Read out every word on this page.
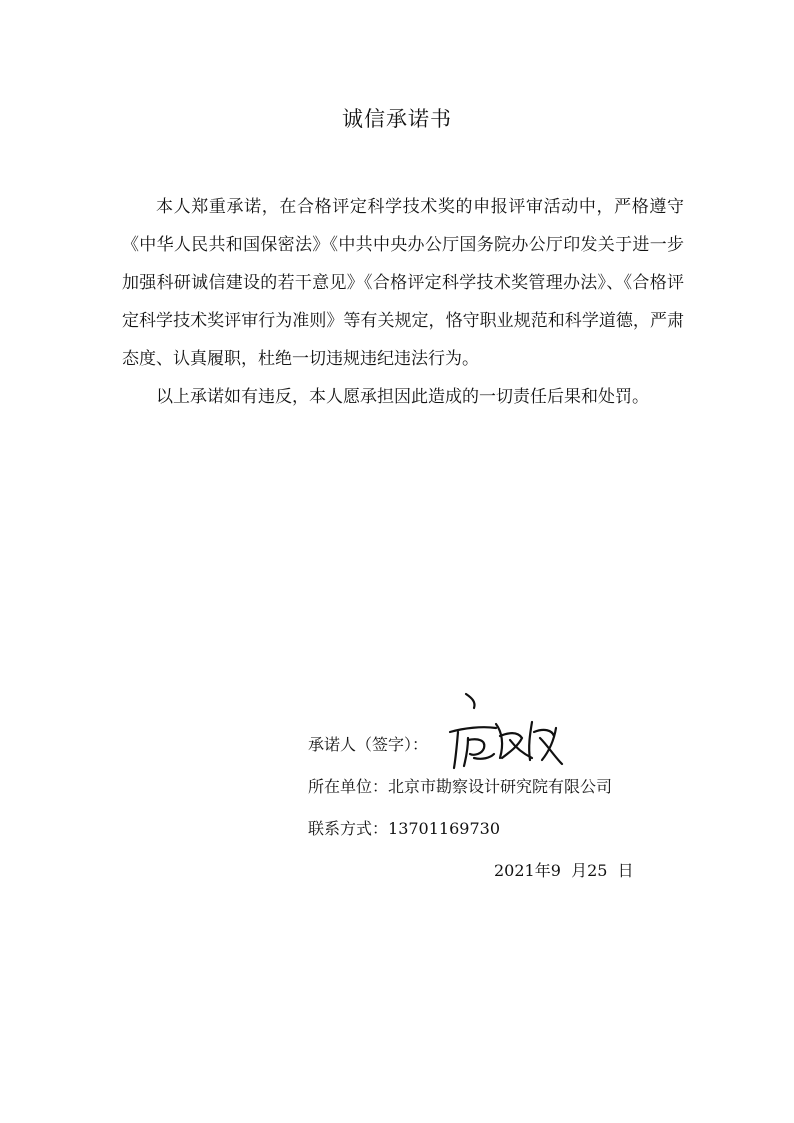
诚信承诺书

本人郑重承诺，在合格评定科学技术奖的申报评审活动中，严格遵守《中华人民共和国保密法》《中共中央办公厅国务院办公厅印发关于进一步加强科研诚信建设的若干意见》《合格评定科学技术奖管理办法》、《合格评定科学技术奖评审行为准则》等有关规定，恪守职业规范和科学道德，严肃态度、认真履职，杜绝一切违规违纪违法行为。

以上承诺如有违反，本人愿承担因此造成的一切责任后果和处罚。

承诺人（签字）：
所在单位：北京市勘察设计研究院有限公司
联系方式：13701169730
2021年9  月25  日
